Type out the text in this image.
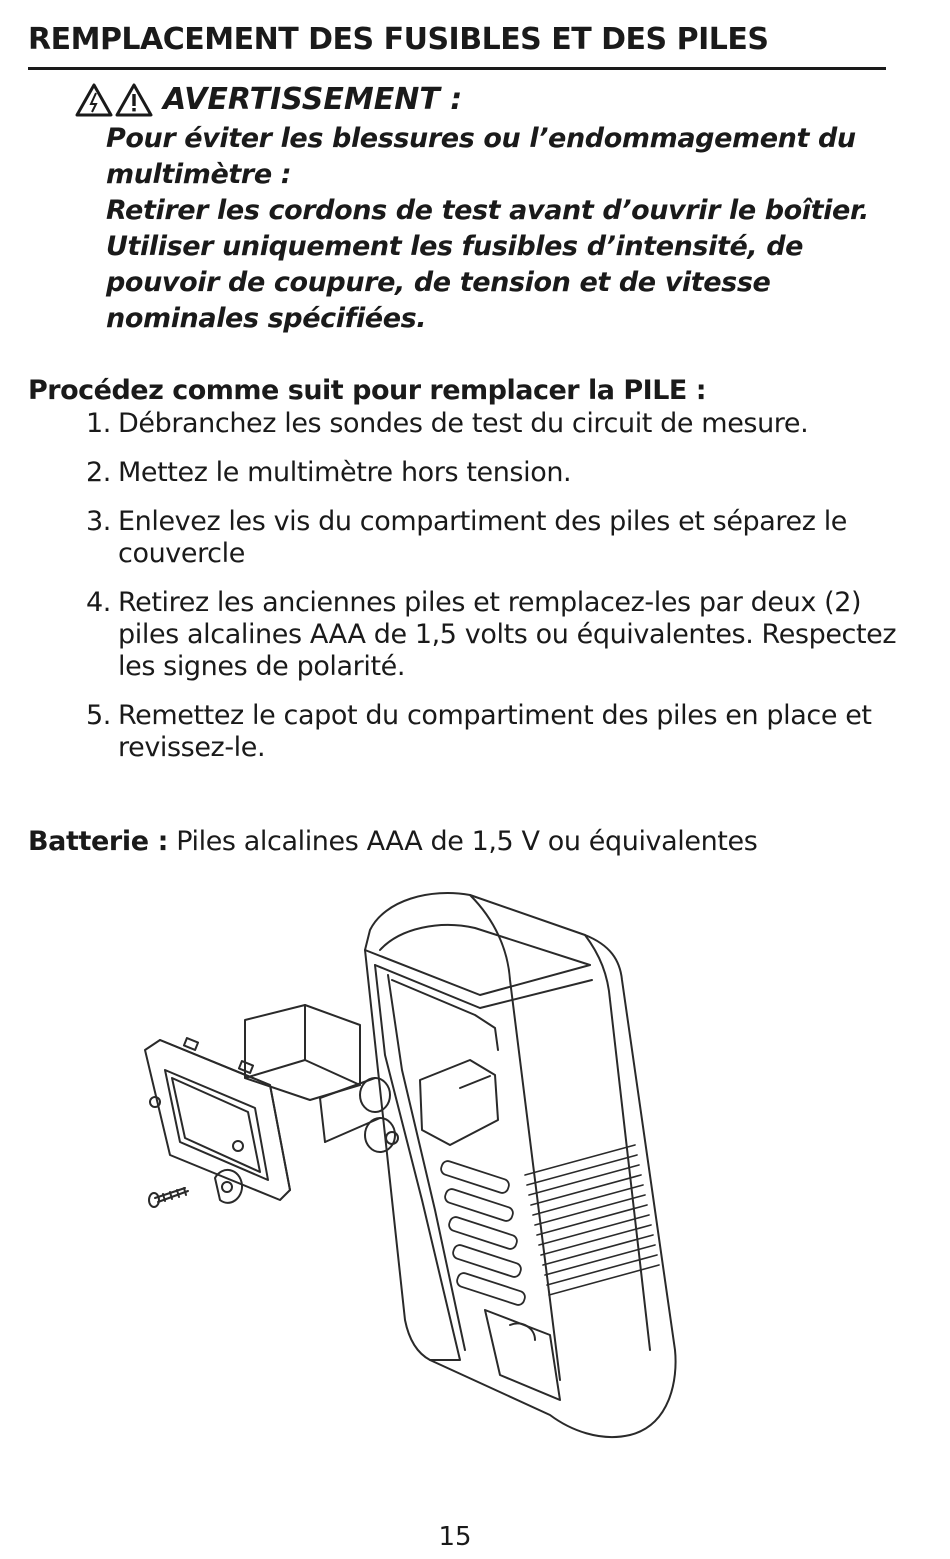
REMPLACEMENT DES FUSIBLES ET DES PILES
AVERTISSEMENT :

Pour éviter les blessures ou l’endommagement du multimètre :

Retirer les cordons de test avant d’ouvrir le boîtier. Utiliser uniquement les fusibles d’intensité, de pouvoir de coupure, de tension et de vitesse nominales spécifiées.

Procédez comme suit pour remplacer la PILE :
1. Débranchez les sondes de test du circuit de mesure.
2. Mettez le multimètre hors tension.
3. Enlevez les vis du compartiment des piles et séparez le couvercle
4. Retirez les anciennes piles et remplacez-les par deux (2) piles alcalines AAA de 1,5 volts ou équivalentes. Respectez les signes de polarité.
5. Remettez le capot du compartiment des piles en place et revissez-le.
Batterie : Piles alcalines AAA de 1,5 V ou équivalentes
15
